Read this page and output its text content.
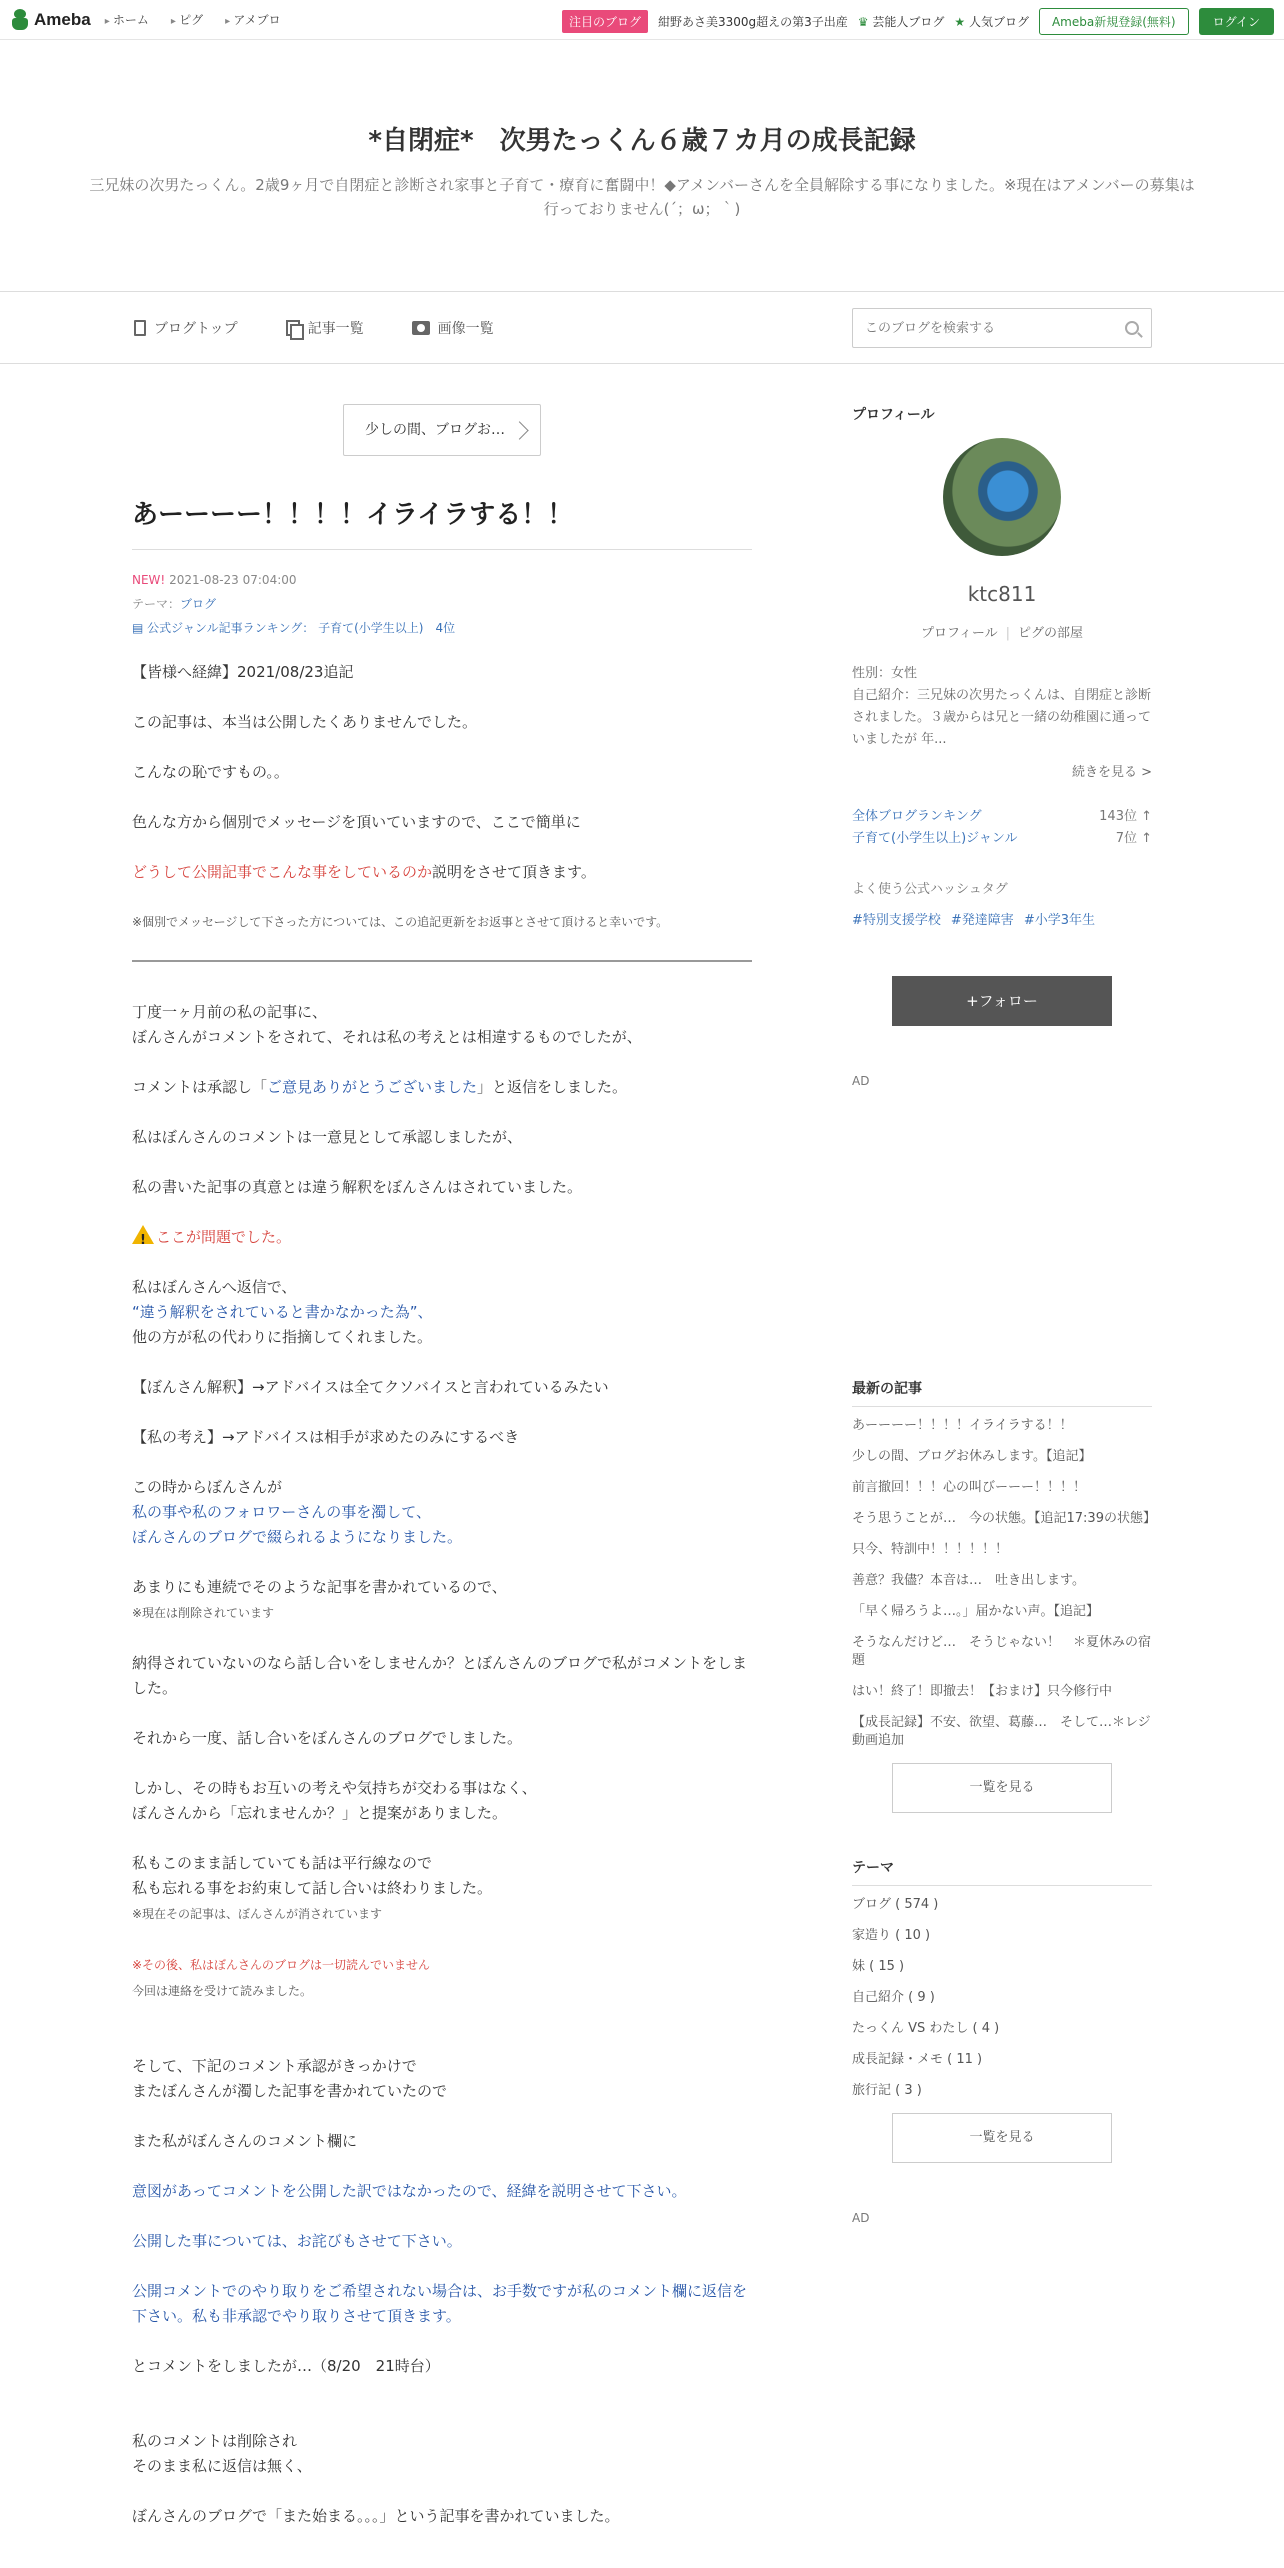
Ameba	▸ ホーム	▸ ピグ	▸ アメブロ	注目のブログ	紺野あさ美3300g超えの第3子出産	♛ 芸能人ブログ	★ 人気ブログ	Ameba新規登録(無料)	ログイン
*自閉症*　次男たっくん６歳７カ月の成長記録
三兄妹の次男たっくん。2歳9ヶ月で自閉症と診断され家事と子育て・療育に奮闘中！◆アメンバーさんを全員解除する事になりました。※現在はアメンバーの募集は行っておりません(´；ω；｀)
ブログトップ	記事一覧	画像一覧
このブログを検索する
少しの間、ブログお…
あーーーー！！！！イライラする！！
NEW! 2021-08-23 07:04:00
テーマ：ブログ
▤ 公式ジャンル記事ランキング： 子育て(小学生以上)　 4位

【皆様へ経緯】2021/08/23追記

この記事は、本当は公開したくありませんでした。

こんなの恥ですもの。。

色んな方から個別でメッセージを頂いていますので、ここで簡単に

どうして公開記事でこんな事をしているのか説明をさせて頂きます。

※個別でメッセージして下さった方については、この追記更新をお返事とさせて頂けると幸いです。

丁度一ヶ月前の私の記事に、
ぼんさんがコメントをされて、それは私の考えとは相違するものでしたが、

コメントは承認し「ご意見ありがとうございました」と返信をしました。

私はぼんさんのコメントは一意見として承認しましたが、

私の書いた記事の真意とは違う解釈をぼんさんはされていました。

!ここが問題でした。

私はぼんさんへ返信で、
“違う解釈をされていると書かなかった為”、
他の方が私の代わりに指摘してくれました。

【ぼんさん解釈】→アドバイスは全てクソバイスと言われているみたい

【私の考え】→アドバイスは相手が求めたのみにするべき

この時からぼんさんが
私の事や私のフォロワーさんの事を濁して、
ぼんさんのブログで綴られるようになりました。

あまりにも連続でそのような記事を書かれているので、
※現在は削除されています

納得されていないのなら話し合いをしませんか？とぼんさんのブログで私がコメントをしました。

それから一度、話し合いをぼんさんのブログでしました。

しかし、その時もお互いの考えや気持ちが交わる事はなく、
ぼんさんから「忘れませんか？」と提案がありました。

私もこのまま話していても話は平行線なので
私も忘れる事をお約束して話し合いは終わりました。
※現在その記事は、ぼんさんが消されています

※その後、私はぼんさんのブログは一切読んでいません
今回は連絡を受けて読みました。

そして、下記のコメント承認がきっかけで
またぼんさんが濁した記事を書かれていたので

また私がぼんさんのコメント欄に

意図があってコメントを公開した訳ではなかったので、経緯を説明させて下さい。

公開した事については、お詫びもさせて下さい。

公開コメントでのやり取りをご希望されない場合は、お手数ですが私のコメント欄に返信を下さい。私も非承認でやり取りさせて頂きます。

とコメントをしましたが…（8/20　21時台）

私のコメントは削除され
そのまま私に返信は無く、

ぼんさんのブログで「また始まる。。。」という記事を書かれていました。

プロフィール
ktc811
プロフィール | ピグの部屋
性別：女性
自己紹介：三兄妹の次男たっくんは、自閉症と診断されました。３歳からは兄と一緒の幼稚園に通っていましたが 年...
続きを見る >
全体ブログランキング	143位 ↑
子育て(小学生以上)ジャンル	7位 ↑
よく使う公式ハッシュタグ
#特別支援学校 #発達障害 #小学3年生
+フォロー
AD
最新の記事
あーーーー！！！！イライラする！！
少しの間、ブログお休みします。【追記】
前言撤回！！！心の叫びーーー！！！！
そう思うことが…　今の状態。【追記17:39の状態】
只今、特訓中！！！！！！
善意？我儘？本音は…　吐き出します。
「早く帰ろうよ…。」届かない声。【追記】
そうなんだけど…　そうじゃない！　＊夏休みの宿題
はい！終了！即撤去！【おまけ】只今修行中
【成長記録】不安、欲望、葛藤…　そして…＊レジ動画追加
一覧を見る
テーマ
ブログ ( 574 )
家造り ( 10 )
妹 ( 15 )
自己紹介 ( 9 )
たっくん VS わたし ( 4 )
成長記録・メモ ( 11 )
旅行記 ( 3 )
一覧を見る
AD
